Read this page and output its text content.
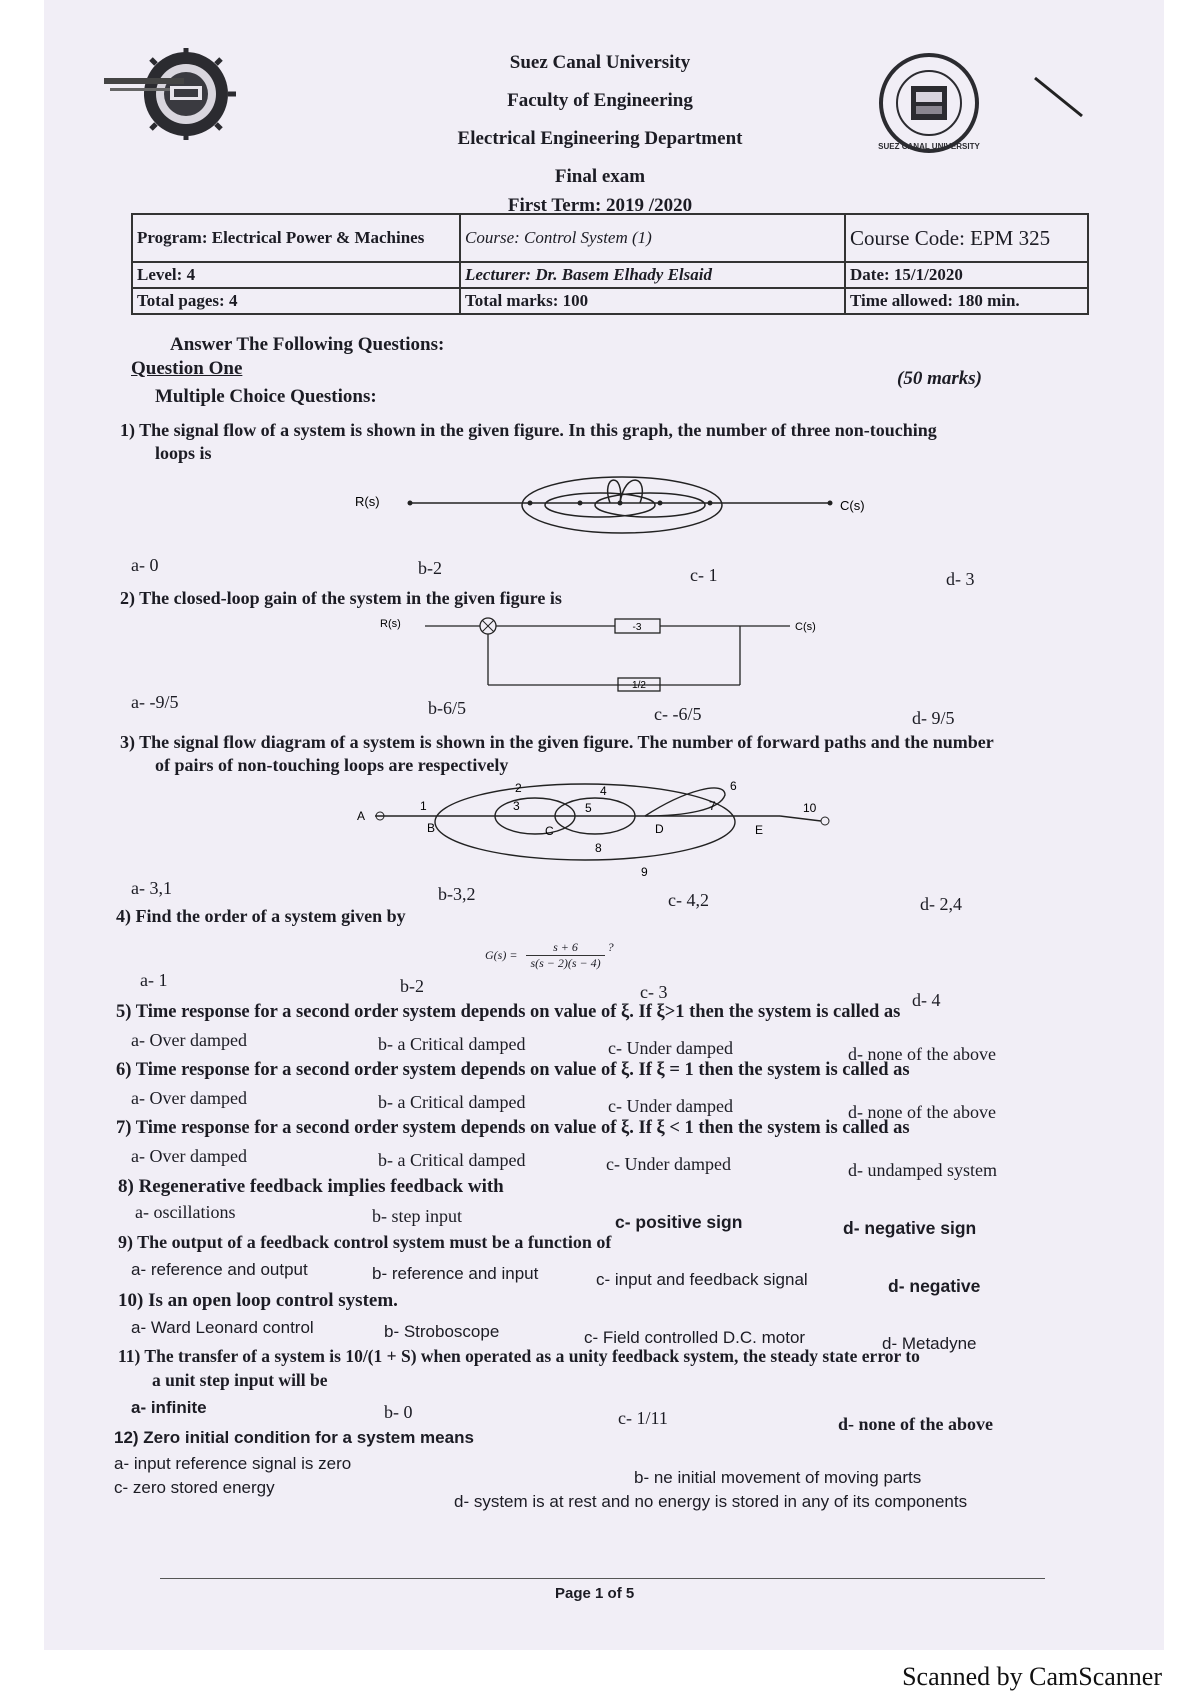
SUEZ CANAL UNIVERSITY
Suez Canal University
Faculty of Engineering
Electrical Engineering Department
Final exam
First Term: 2019 /2020
Program: Electrical Power & Machines	Course: Control System (1)	Course Code: EPM 325
Level: 4	Lecturer: Dr. Basem Elhady Elsaid	Date: 15/1/2020
Total pages: 4	Total marks: 100	Time allowed: 180 min.
Answer The Following Questions:
Question One	(50 marks)
Multiple Choice Questions:
1) The signal flow of a system is shown in the given figure. In this graph, the number of three non-touching
loops is
R(s)	C(s)
a- 0	b-2	c- 1	d- 3
2) The closed-loop gain of the system in the given figure is
R(s)	-3	C(s)
1/2
a- -9/5	b-6/5	c- -6/5	d- 9/5
3) The signal flow diagram of a system is shown in the given figure. The number of forward paths and the number
of pairs of non-touching loops are respectively
A
1
B
2
3
4
5
C
6
7
D	E
8
9
10
a- 3,1	b-3,2	c- 4,2	d- 2,4
4) Find the order of a system given by
$G(s) = \frac{s + 6}{s(s - 2)(s - 4)}$ ?
a- 1	b-2	c- 3	d- 4
5) Time response for a second order system depends on value of ξ. If ξ>1 then the system is called as
a- Over damped	b- a Critical damped	c- Under damped	d- none of the above
6) Time response for a second order system depends on value of ξ. If ξ = 1 then the system is called as
a- Over damped	b- a Critical damped	c- Under damped	d- none of the above
7) Time response for a second order system depends on value of ξ. If ξ < 1 then the system is called as
a- Over damped	b- a Critical damped	c- Under damped	d- undamped system
8) Regenerative feedback implies feedback with
a- oscillations	b- step input	c- positive sign	d- negative sign
9) The output of a feedback control system must be a function of
a- reference and output	b- reference and input	c- input and feedback signal	d- negative
10) Is an open loop control system.
a- Ward Leonard control	b- Stroboscope	c- Field controlled D.C. motor	d- Metadyne
11) The transfer of a system is 10/(1 + S) when operated as a unity feedback system, the steady state error to
a unit step input will be
a- infinite	b- 0	c- 1/11	d- none of the above
12) Zero initial condition for a system means
a- input reference signal is zero
b- ne initial movement of moving parts
c- zero stored energy
d- system is at rest and no energy is stored in any of its components
Page 1 of 5
Scanned by CamScanner
